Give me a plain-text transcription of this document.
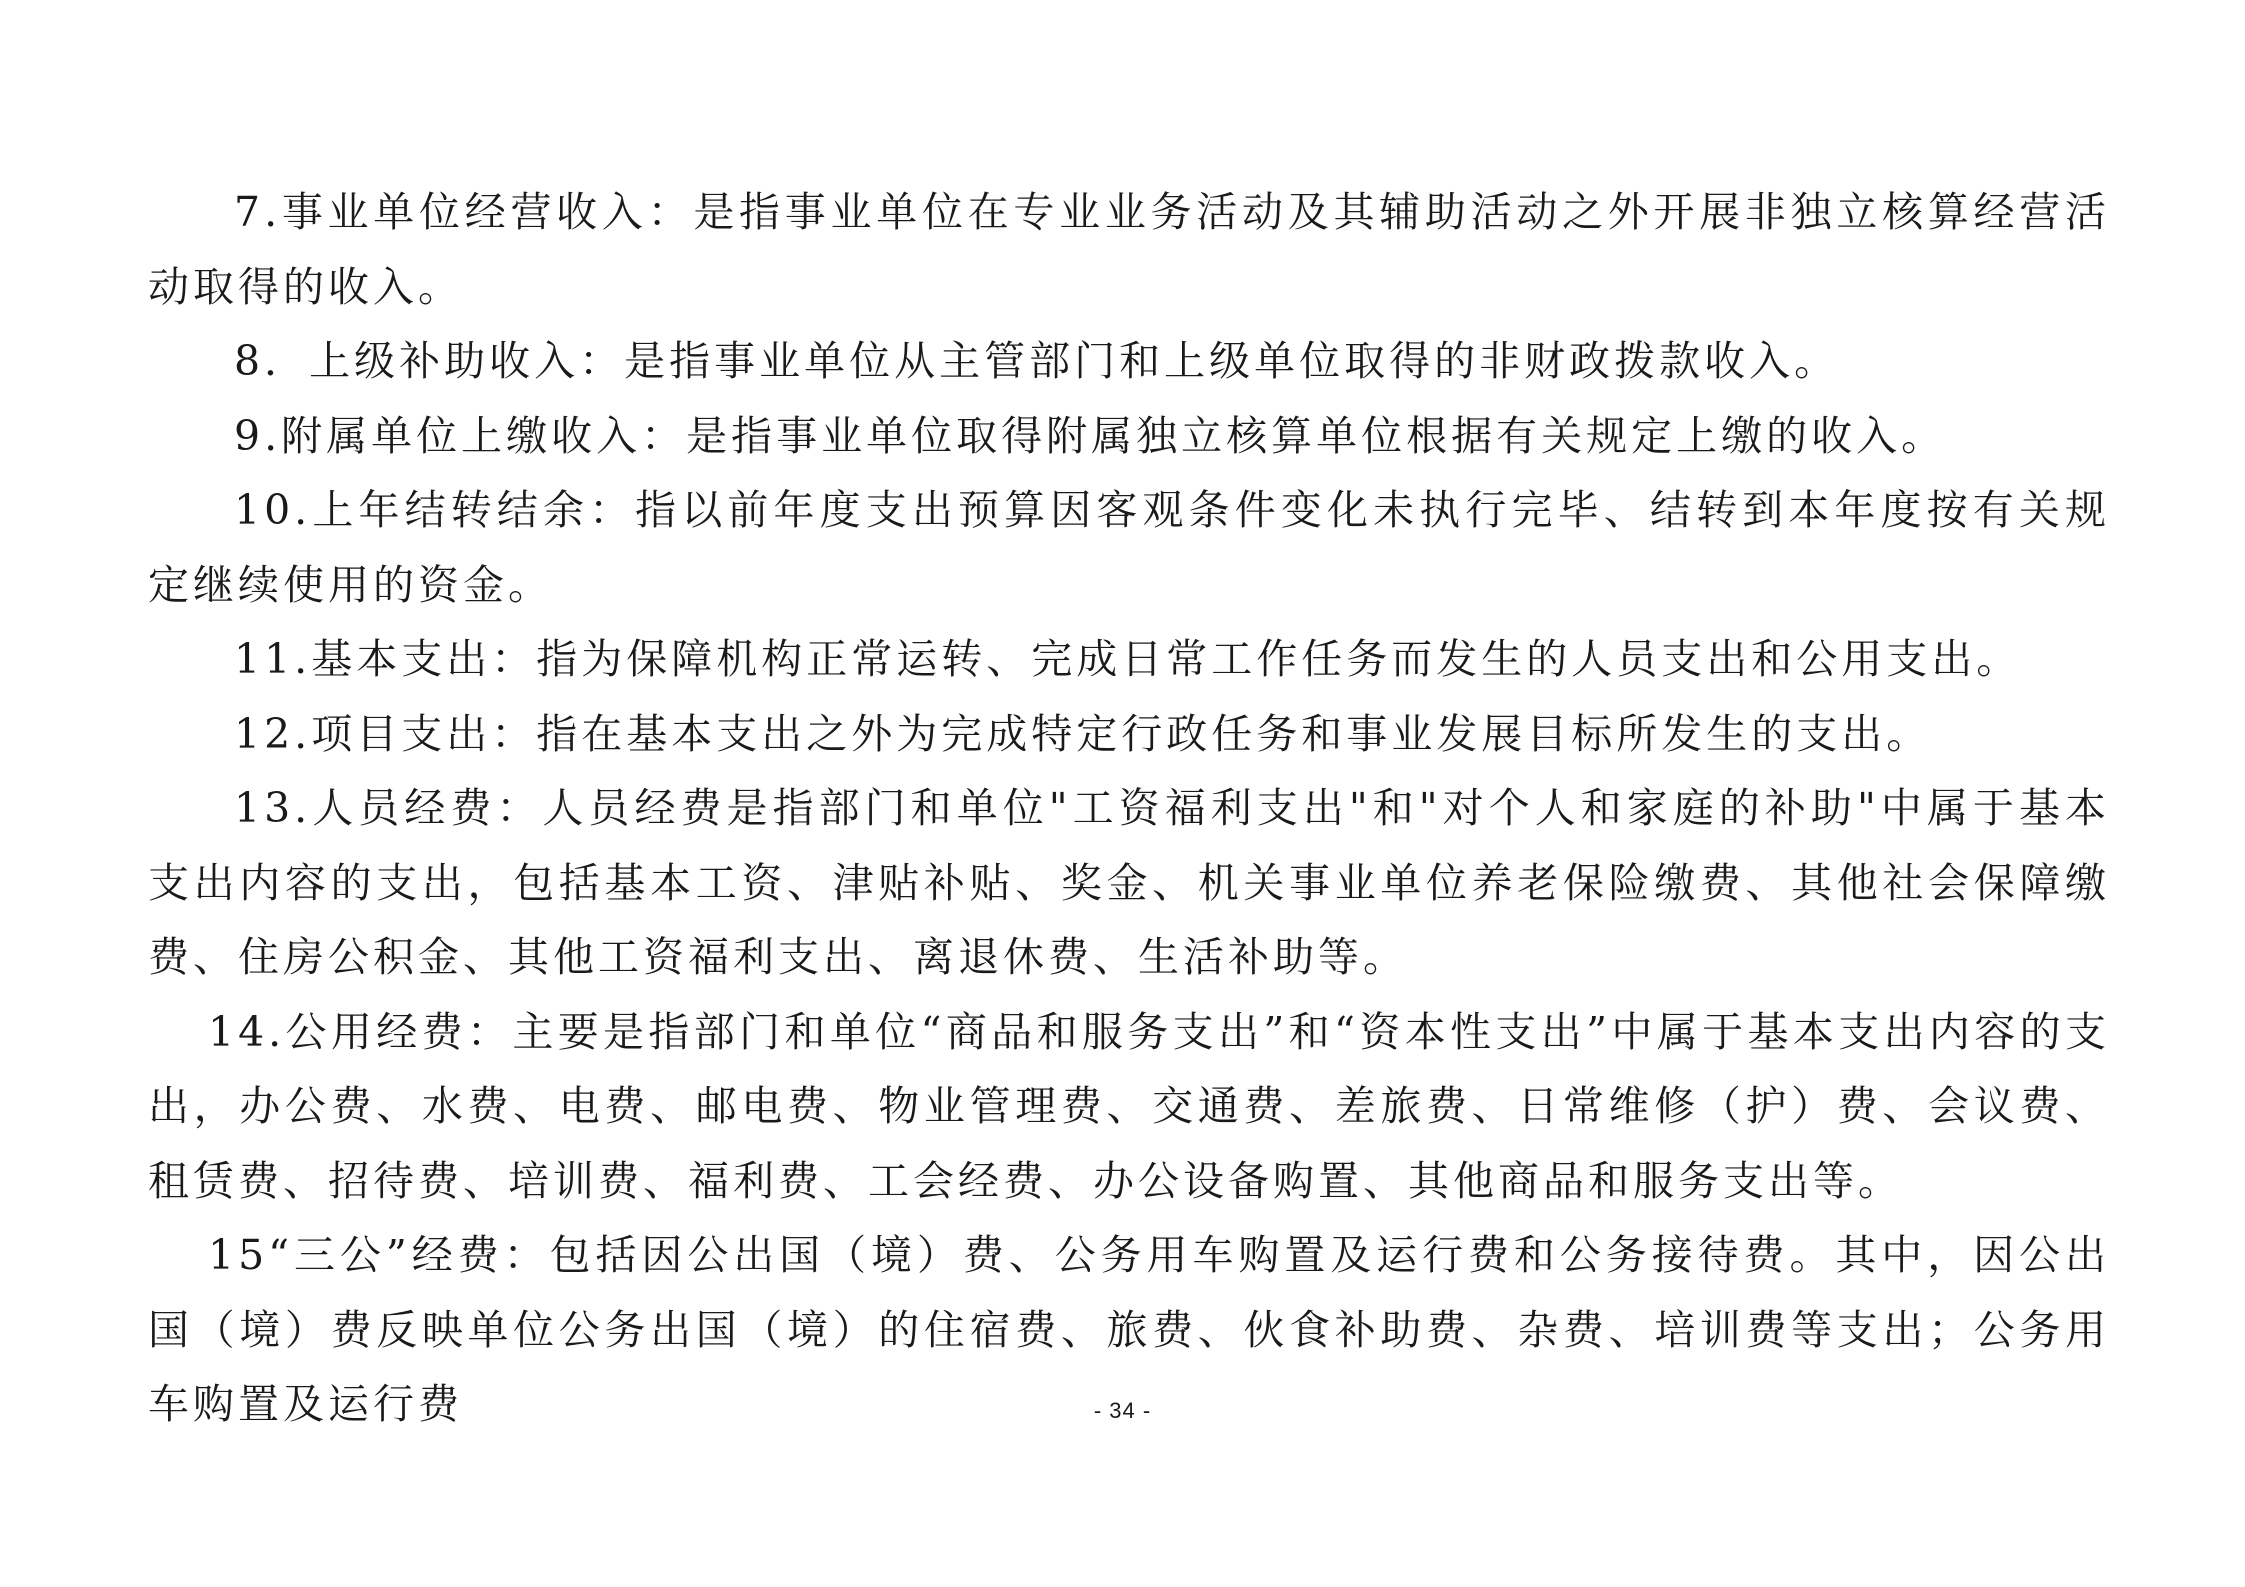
7.事业单位经营收入：是指事业单位在专业业务活动及其辅助活动之外开展非独立核算经营活动取得的收入。

8．上级补助收入：是指事业单位从主管部门和上级单位取得的非财政拨款收入。

9.附属单位上缴收入：是指事业单位取得附属独立核算单位根据有关规定上缴的收入。

10.上年结转结余：指以前年度支出预算因客观条件变化未执行完毕、结转到本年度按有关规定继续使用的资金。

11.基本支出：指为保障机构正常运转、完成日常工作任务而发生的人员支出和公用支出。

12.项目支出：指在基本支出之外为完成特定行政任务和事业发展目标所发生的支出。

13.人员经费：人员经费是指部门和单位"工资福利支出"和"对个人和家庭的补助"中属于基本支出内容的支出，包括基本工资、津贴补贴、奖金、机关事业单位养老保险缴费、其他社会保障缴费、住房公积金、其他工资福利支出、离退休费、生活补助等。

14.公用经费：主要是指部门和单位“商品和服务支出”和“资本性支出”中属于基本支出内容的支出，办公费、水费、电费、邮电费、物业管理费、交通费、差旅费、日常维修（护）费、会议费、租赁费、招待费、培训费、福利费、工会经费、办公设备购置、其他商品和服务支出等。

15“三公”经费：包括因公出国（境）费、公务用车购置及运行费和公务接待费。其中，因公出国（境）费反映单位公务出国（境）的住宿费、旅费、伙食补助费、杂费、培训费等支出；公务用车购置及运行费	- 34 -
